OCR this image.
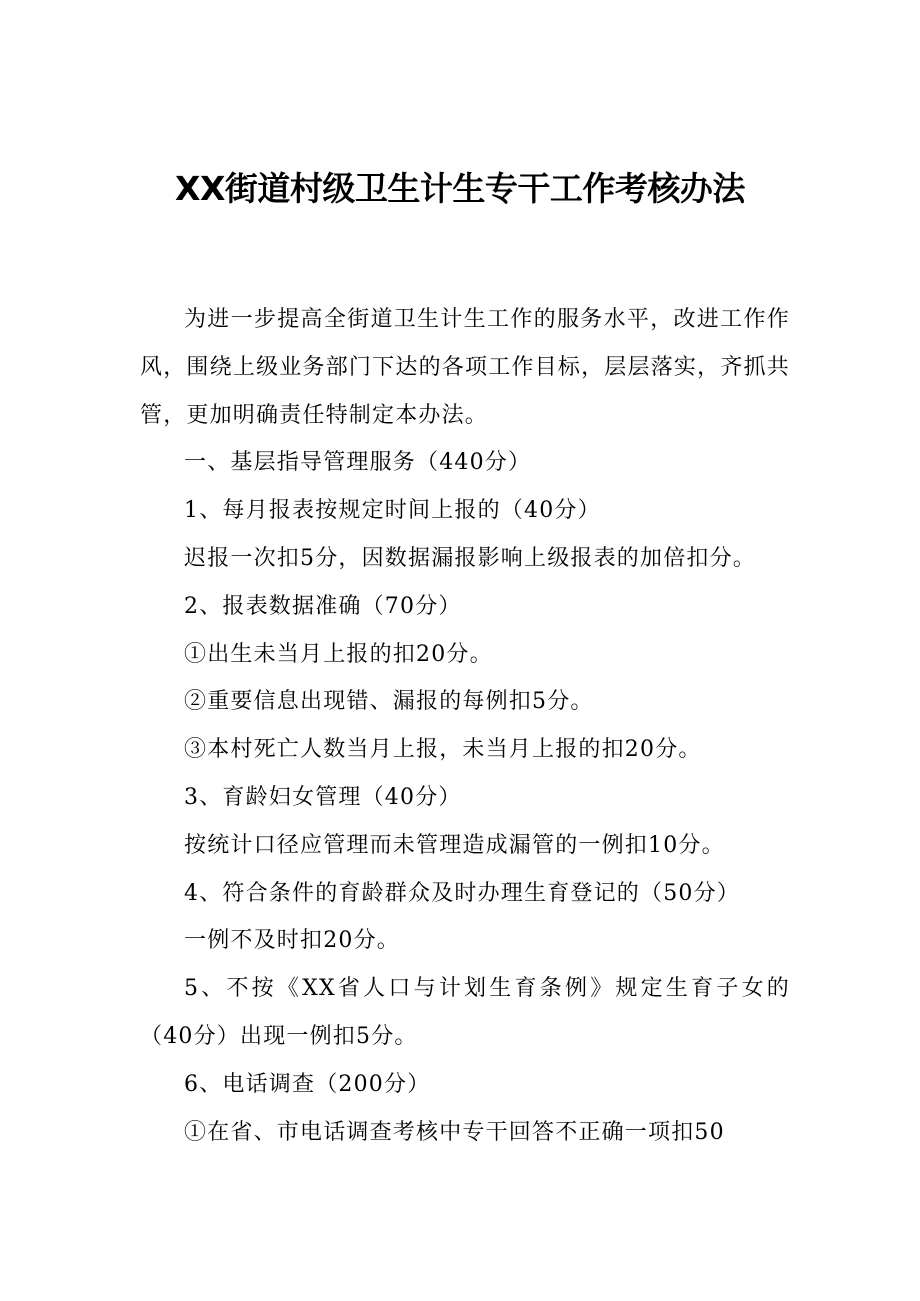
XX街道村级卫生计生专干工作考核办法

为进一步提高全街道卫生计生工作的服务水平，改进工作作风，围绕上级业务部门下达的各项工作目标，层层落实，齐抓共管，更加明确责任特制定本办法。

一、基层指导管理服务（440分）

1、每月报表按规定时间上报的（40分）

迟报一次扣5分，因数据漏报影响上级报表的加倍扣分。

2、报表数据准确（70分）

①出生未当月上报的扣20分。

②重要信息出现错、漏报的每例扣5分。

③本村死亡人数当月上报，未当月上报的扣20分。

3、育龄妇女管理（40分）

按统计口径应管理而未管理造成漏管的一例扣10分。

4、符合条件的育龄群众及时办理生育登记的（50分）

一例不及时扣20分。

5、不按《XX省人口与计划生育条例》规定生育子女的（40分）出现一例扣5分。

6、电话调查（200分）

①在省、市电话调查考核中专干回答不正确一项扣50
